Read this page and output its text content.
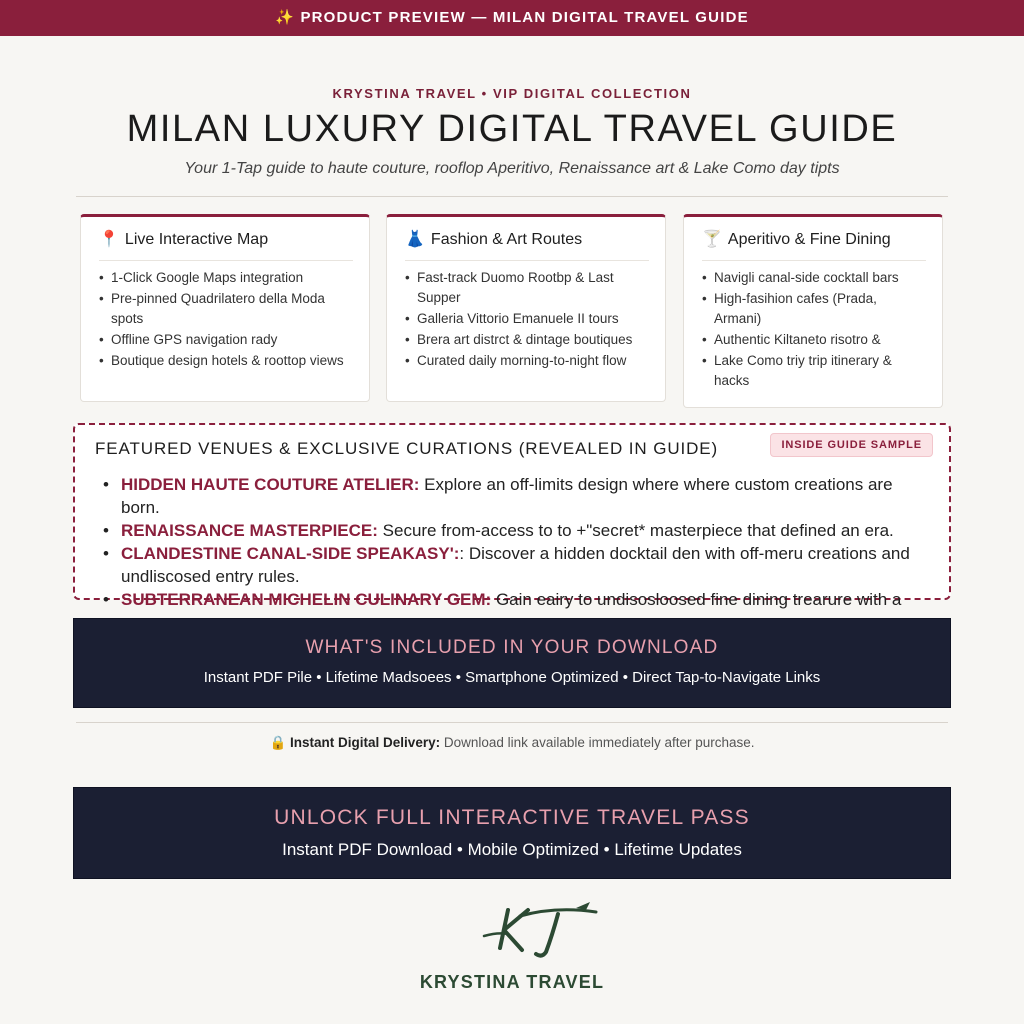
✨ PRODUCT PREVIEW — MILAN DIGITAL TRAVEL GUIDE
KRYSTINA TRAVEL • VIP DIGITAL COLLECTION
MILAN LUXURY DIGITAL TRAVEL GUIDE
Your 1-Tap guide to haute couture, rooflop Aperitivo, Renaissance art & Lake Como day tipts
📍 Live Interactive Map
• 1-Click Google Maps integration
• Pre-pinned Quadrilatero della Moda spots
• Offline GPS navigation rady
• Boutique design hotels & roottop views
👗 Fashion & Art Routes
• Fast-track Duomo Rootbp & Last Supper
• Galleria Vittorio Emanuele II tours
• Brera art distrct & dintage boutiques
• Curated daily morning-to-night flow
🍸 Aperitivo & Fine Dining
• Navigli canal-side cocktall bars
• High-fasihion cafes (Prada, Armani)
• Authentic Kiltaneto risotro &
• Lake Como triy trip itinerary & hacks
FEATURED VENUES & EXCLUSIVE CURATIONS (REVEALED IN GUIDE)	INSIDE GUIDE SAMPLE
• HIDDEN HAUTE COUTURE ATELIER: Explore an off-limits design where where custom creations are born.
• RENAISSANCE MASTERPIECE: Secure from-access to to +"secret* masterpiece that defined an era.
• CLANDESTINE CANAL-SIDE SPEAKASY':: Discover a hidden docktail den with off-meru creations and undliscosed entry rules.
• SUBTERRANEAN MICHELIN CULINARY GEM: Gain eairy to undisosloosed fine dining trearure with a
WHAT'S INCLUDED IN YOUR DOWNLOAD
Instant PDF Pile • Lifetime Madsoees • Smartphone Optimized • Direct Tap-to-Navigate Links
🔒 Instant Digital Delivery: Download link available immediately after purchase.
UNLOCK FULL INTERACTIVE TRAVEL PASS
Instant PDF Download • Mobile Optimized • Lifetime Updates
KRYSTINA TRAVEL
